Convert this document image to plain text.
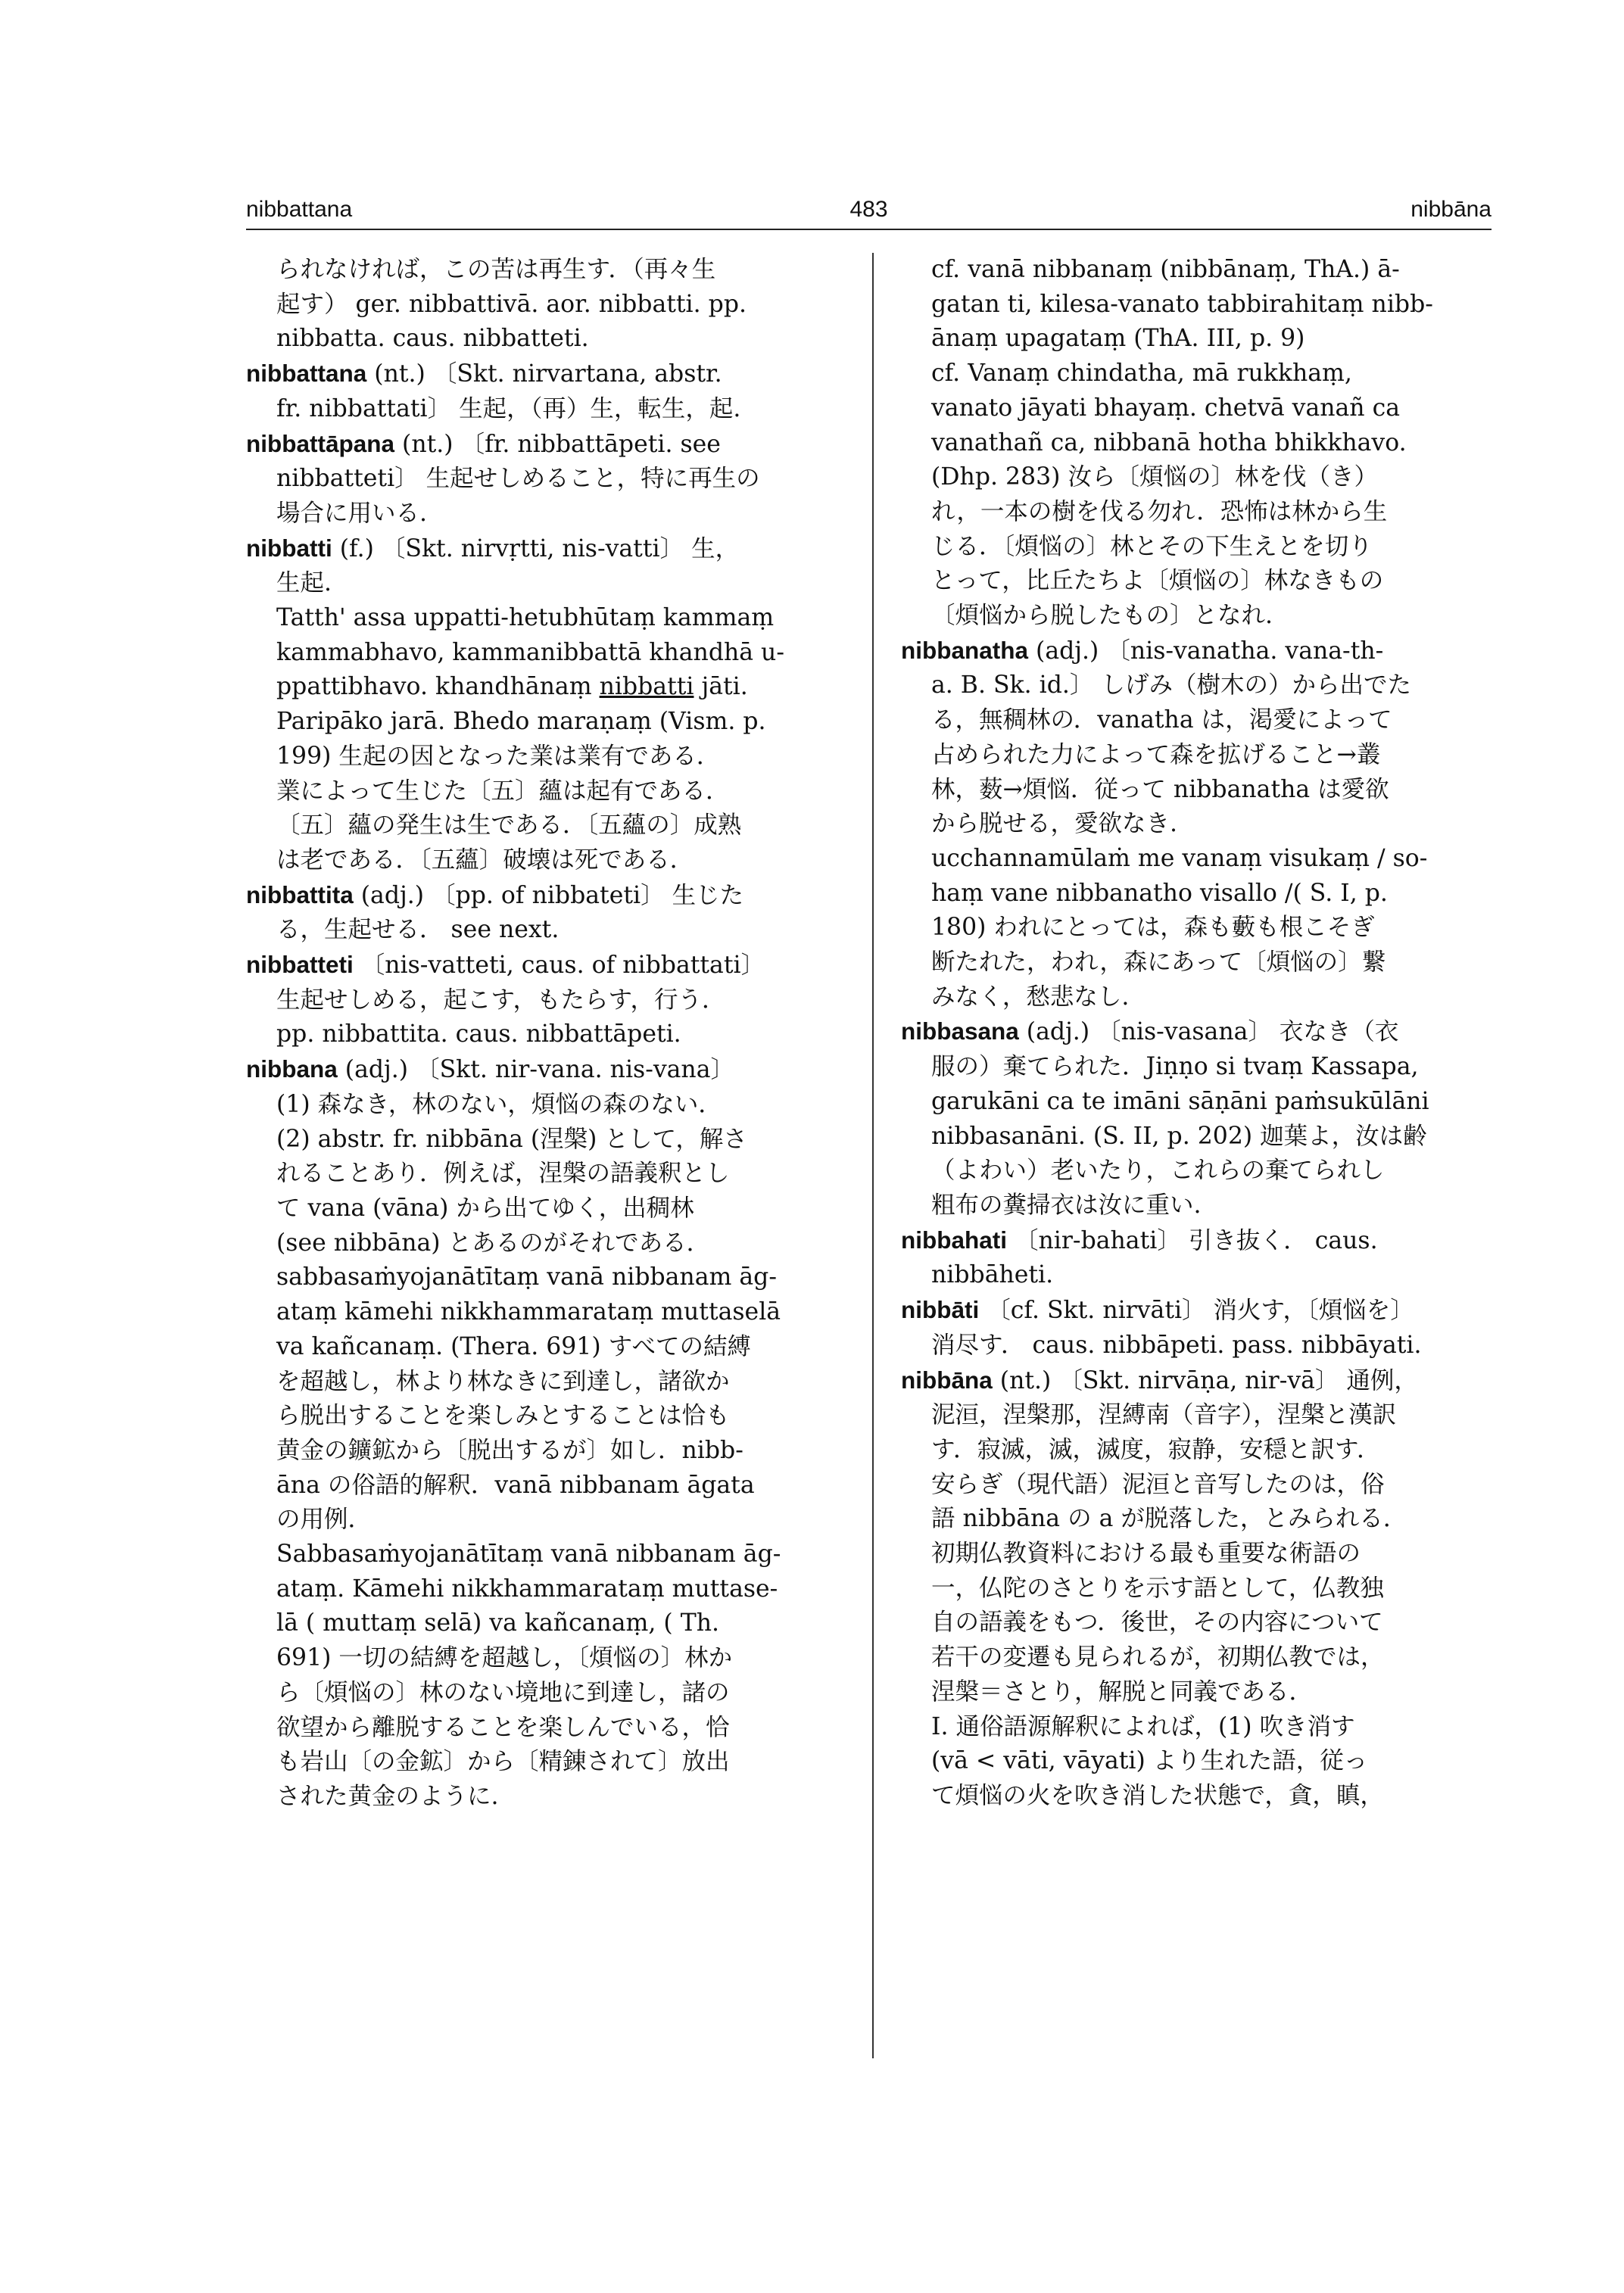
nibbattana	483	nibbāna

られなければ，この苦は再生す．（再々生

起す） ger. nibbattivā. aor. nibbatti. pp.

nibbatta. caus. nibbatteti.

nibbattana (nt.) 〔Skt. nirvartana, abstr.

fr. nibbattati〕 生起，（再）生，転生，起.

nibbattāpana (nt.) 〔fr. nibbattāpeti. see

nibbatteti〕 生起せしめること，特に再生の

場合に用いる.

nibbatti (f.) 〔Skt. nirvṛtti, nis-vatti〕 生，

生起.

Tatth' assa uppatti-hetubhūtaṃ kammaṃ

kammabhavo, kammanibbattā khandhā u-

ppattibhavo. khandhānaṃ nibbatti jāti.

Paripāko jarā. Bhedo maraṇaṃ (Vism. p.

199) 生起の因となった業は業有である．

業によって生じた〔五〕蘊は起有である．

〔五〕蘊の発生は生である．〔五蘊の〕成熟

は老である．〔五蘊〕破壊は死である．

nibbattita (adj.) 〔pp. of nibbateti〕 生じた

る，生起せる． see next.

nibbatteti 〔nis-vatteti, caus. of nibbattati〕

生起せしめる，起こす，もたらす，行う．

pp. nibbattita. caus. nibbattāpeti.

nibbana (adj.) 〔Skt. nir-vana. nis-vana〕

(1) 森なき，林のない，煩悩の森のない．

(2) abstr. fr. nibbāna (涅槃) として，解さ

れることあり．例えば，涅槃の語義釈とし

て vana (vāna) から出てゆく，出稠林

(see nibbāna) とあるのがそれである．

sabbasaṁyojanātītaṃ vanā nibbanam āg-

ataṃ kāmehi nikkhammarataṃ muttaselā

va kañcanaṃ. (Thera. 691) すべての結縛

を超越し，林より林なきに到達し，諸欲か

ら脱出することを楽しみとすることは恰も

黄金の鑛鉱から〔脱出するが〕如し．nibb-

āna の俗語的解釈．vanā nibbanam āgata

の用例．

Sabbasaṁyojanātītaṃ vanā nibbanam āg-

ataṃ. Kāmehi nikkhammarataṃ muttase-

lā ( muttaṃ selā) va kañcanaṃ, ( Th.

691) 一切の結縛を超越し，〔煩悩の〕林か

ら〔煩悩の〕林のない境地に到達し，諸の

欲望から離脱することを楽しんでいる，恰

も岩山〔の金鉱〕から〔精錬されて〕放出

された黄金のように.

cf. vanā nibbanaṃ (nibbānaṃ, ThA.) ā-

gatan ti, kilesa-vanato tabbirahitaṃ nibb-

ānaṃ upagataṃ (ThA. III, p. 9)

cf. Vanaṃ chindatha, mā rukkhaṃ,

vanato jāyati bhayaṃ. chetvā vanañ ca

vanathañ ca, nibbanā hotha bhikkhavo.

(Dhp. 283) 汝ら〔煩悩の〕林を伐（き）

れ，一本の樹を伐る勿れ．恐怖は林から生

じる．〔煩悩の〕林とその下生えとを切り

とって，比丘たちよ〔煩悩の〕林なきもの

〔煩悩から脱したもの〕となれ.

nibbanatha (adj.) 〔nis-vanatha. vana-th-

a. B. Sk. id.〕 しげみ（樹木の）から出でた

る，無稠林の．vanatha は，渇愛によって

占められた力によって森を拡げること→叢

林，薮→煩悩．従って nibbanatha は愛欲

から脱せる，愛欲なき.

ucchannamūlaṁ me vanaṃ visukaṃ / so-

haṃ vane nibbanatho visallo /( S. I, p.

180) われにとっては，森も藪も根こそぎ

断たれた，われ，森にあって〔煩悩の〕繋

みなく，愁悲なし.

nibbasana (adj.) 〔nis-vasana〕 衣なき（衣

服の）棄てられた．Jiṇṇo si tvaṃ Kassapa,

garukāni ca te imāni sāṇāni paṁsukūlāni

nibbasanāni. (S. II, p. 202) 迦葉よ，汝は齢

（よわい）老いたり，これらの棄てられし

粗布の糞掃衣は汝に重い.

nibbahati 〔nir-bahati〕 引き抜く． caus.

nibbāheti.

nibbāti 〔cf. Skt. nirvāti〕 消火す，〔煩悩を〕

消尽す． caus. nibbāpeti. pass. nibbāyati.

nibbāna (nt.) 〔Skt. nirvāṇa, nir-vā〕 通例，

泥洹，涅槃那，涅縛南（音字），涅槃と漢訳

す．寂滅，滅，滅度，寂静，安穏と訳す．

安らぎ（現代語）泥洹と音写したのは，俗

語 nibbāna の a が脱落した，とみられる．

初期仏教資料における最も重要な術語の

一，仏陀のさとりを示す語として，仏教独

自の語義をもつ．後世，その内容について

若干の変遷も見られるが，初期仏教では，

涅槃＝さとり，解脱と同義である．

I. 通俗語源解釈によれば，(1) 吹き消す

(vā < vāti, vāyati) より生れた語，従っ

て煩悩の火を吹き消した状態で，貪，瞋，
